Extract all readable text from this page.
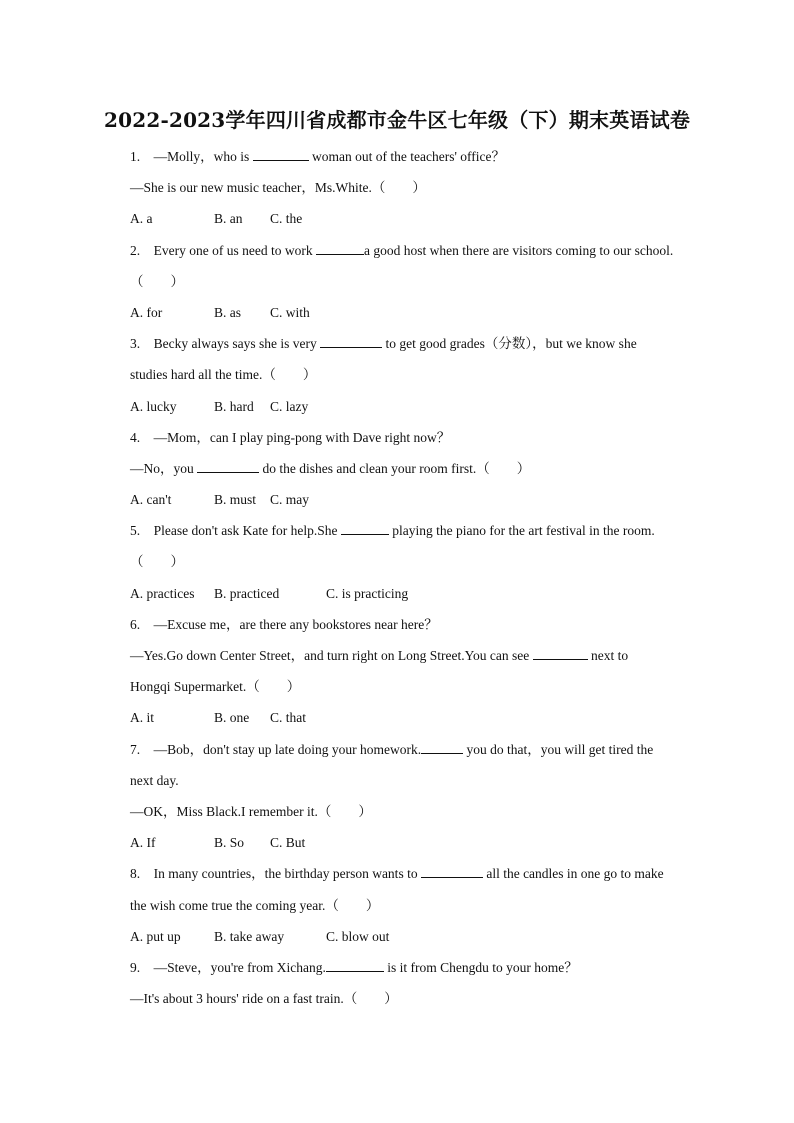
2022-2023学年四川省成都市金牛区七年级（下）期末英语试卷
1.　—Molly，who is	woman out of the teachers' office？
—She is our new music teacher，Ms.White.（　　）
A. a	B. an C. the
2.　Every one of us need to work	a good host when there are visitors coming to our school.
（　　）
A. for	B. as C. with
3.　Becky always says she is very	to get good grades（分数），but we know she
studies hard all the time.（　　）
A. lucky	B. hard C. lazy
4.　—Mom，can I play ping-pong with Dave right now？
—No，you	do the dishes and clean your room first.（　　）
A. can't	B. must C. may
5.　Please don't ask Kate for help.She	playing the piano for the art festival in the room.
（　　）
A. practices B. practiced	C. is practicing
6.　—Excuse me，are there any bookstores near here？
—Yes.Go down Center Street，and turn right on Long Street.You can see	next to
Hongqi Supermarket.（　　）
A. it	B. one C. that
7.　—Bob，don't stay up late doing your homework.	you do that，you will get tired the
next day.
—OK，Miss Black.I remember it.（　　）
A. If	B. So C. But
8.　In many countries，the birthday person wants to	all the candles in one go to make
the wish come true the coming year.（　　）
A. put up B. take away	C. blow out
9.　—Steve，you're from Xichang.	is it from Chengdu to your home？
—It's about 3 hours' ride on a fast train.（　　）
